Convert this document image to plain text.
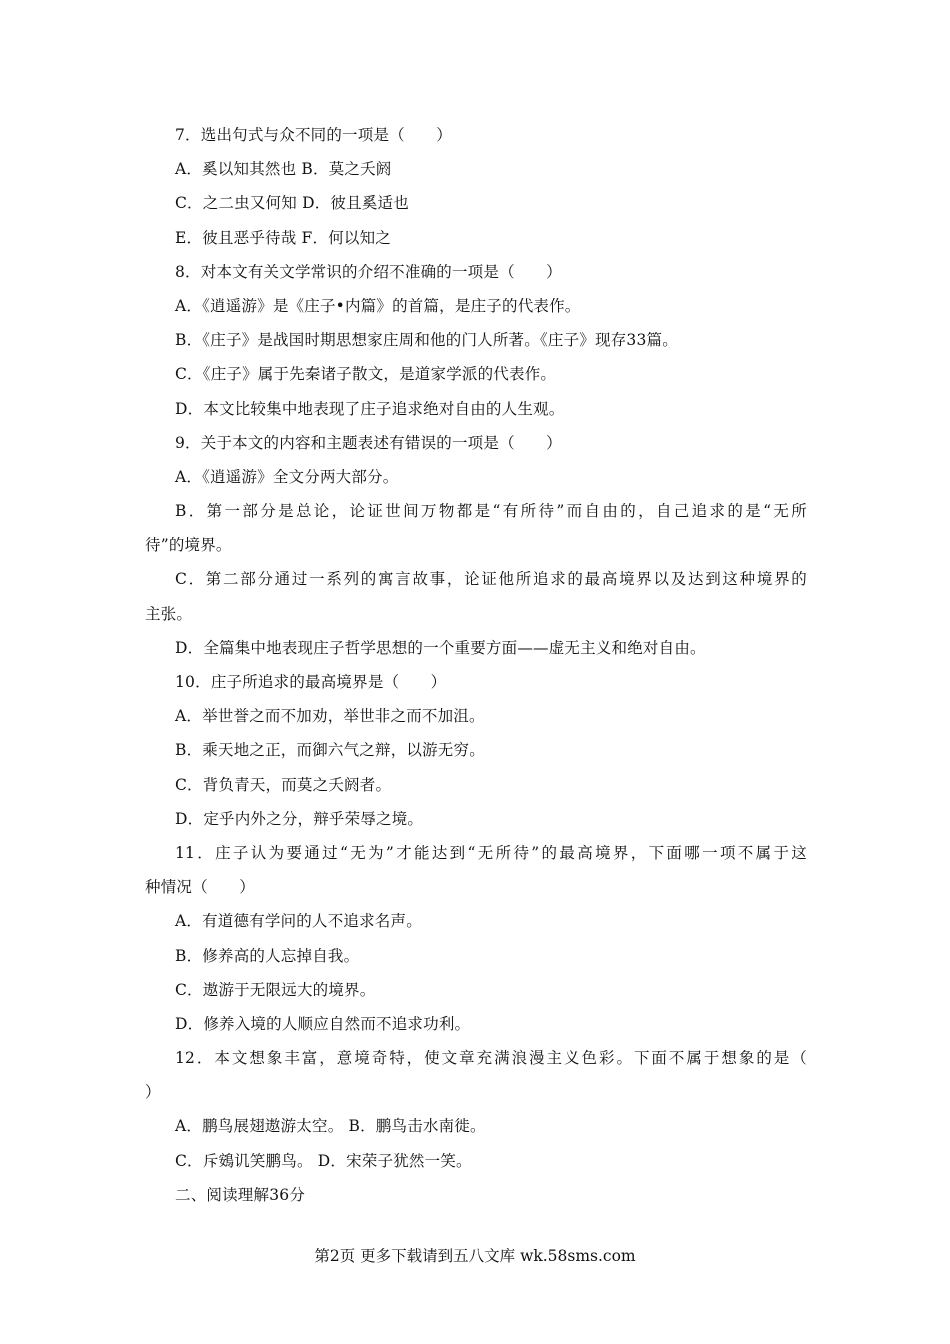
7．选出句式与众不同的一项是（　　）
A．奚以知其然也 B．莫之夭阏
C．之二虫又何知 D．彼且奚适也
E．彼且恶乎待哉 F．何以知之
8．对本文有关文学常识的介绍不准确的一项是（　　）
A．《逍遥游》是《庄子•内篇》的首篇，是庄子的代表作。
B．《庄子》是战国时期思想家庄周和他的门人所著。《庄子》现存33篇。
C．《庄子》属于先秦诸子散文，是道家学派的代表作。
D．本文比较集中地表现了庄子追求绝对自由的人生观。
9．关于本文的内容和主题表述有错误的一项是（　　）
A．《逍遥游》全文分两大部分。
B．第一部分是总论，论证世间万物都是“有所待”而自由的，自己追求的是“无所
待”的境界。
C．第二部分通过一系列的寓言故事，论证他所追求的最高境界以及达到这种境界的
主张。
D．全篇集中地表现庄子哲学思想的一个重要方面——虚无主义和绝对自由。
10．庄子所追求的最高境界是（　　）
A．举世誉之而不加劝，举世非之而不加沮。
B．乘天地之正，而御六气之辩，以游无穷。
C．背负青天，而莫之夭阏者。
D．定乎内外之分，辩乎荣辱之境。
11．庄子认为要通过“无为”才能达到“无所待”的最高境界，下面哪一项不属于这
种情况（　　）
A．有道德有学问的人不追求名声。
B．修养高的人忘掉自我。
C．遨游于无限远大的境界。
D．修养入境的人顺应自然而不追求功利。
12．本文想象丰富，意境奇特，使文章充满浪漫主义色彩。下面不属于想象的是（
）
A．鹏鸟展翅遨游太空。 B．鹏鸟击水南徙。
C．斥鴳讥笑鹏鸟。 D．宋荣子犹然一笑。
二、阅读理解36分
第2页 更多下载请到五八文库 wk.58sms.com
